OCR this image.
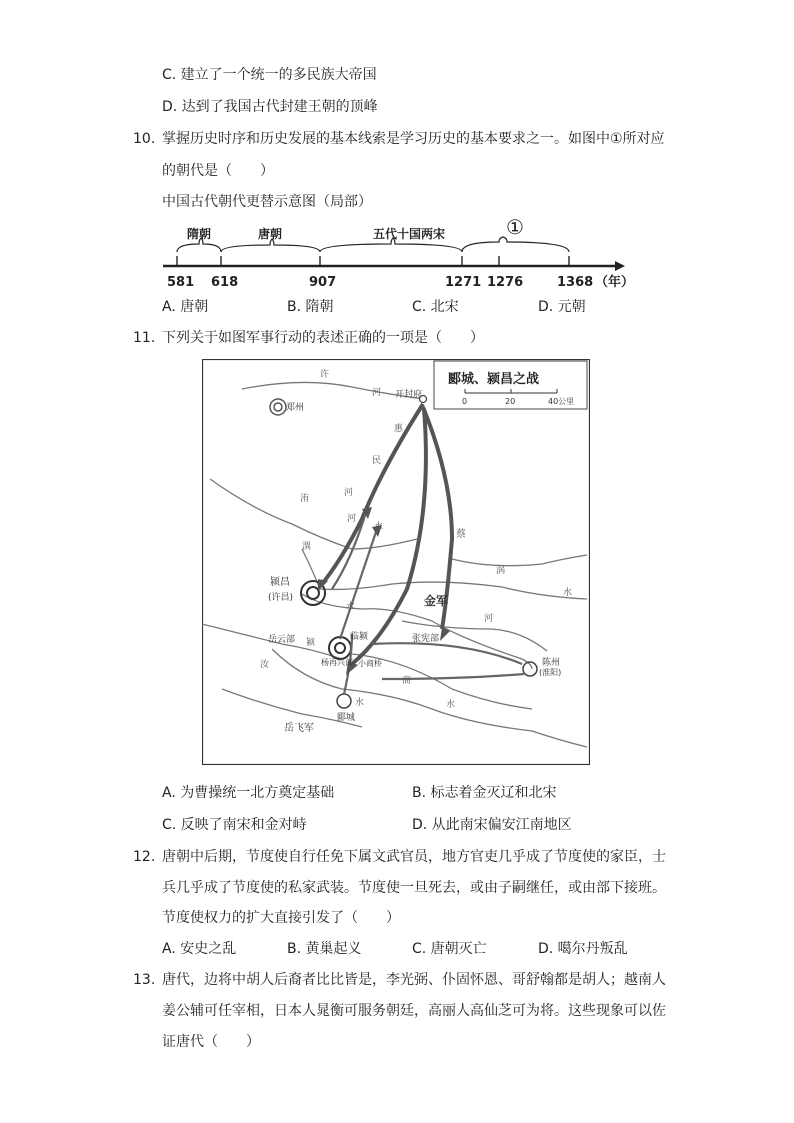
C. 建立了一个统一的多民族大帝国
D. 达到了我国古代封建王朝的顶峰
10. 掌握历史时序和历史发展的基本线索是学习历史的基本要求之一。如图中①所对应
的朝代是（　　）
中国古代朝代更替示意图（局部）
隋朝	唐朝	五代十国两宋	①
581 618	907	1271 1276	1368 （年）
A. 唐朝	B. 隋朝	C. 北宋	D. 元朝
11. 下列关于如图军事行动的表述正确的一项是（　　）
郾城、颍昌之战
0	20	40公里
开封府
郑州
颍昌
(许昌)
临颍
郾城
陈州
(淮阳)
金军
张宪部
岳云部
岳飞军
杨再兴部 小商桥
许
河
惠
民
河
洧
河
水
潩
水
蔡
河
涡
水
颍
水
汝
商
水
A. 为曹操统一北方奠定基础	B. 标志着金灭辽和北宋
C. 反映了南宋和金对峙	D. 从此南宋偏安江南地区
12. 唐朝中后期，节度使自行任免下属文武官员，地方官吏几乎成了节度使的家臣，士
兵几乎成了节度使的私家武装。节度使一旦死去，或由子嗣继任，或由部下接班。
节度使权力的扩大直接引发了（　　）
A. 安史之乱	B. 黄巢起义	C. 唐朝灭亡	D. 噶尔丹叛乱
13. 唐代，边将中胡人后裔者比比皆是，李光弼、仆固怀恩、哥舒翰都是胡人；越南人
姜公辅可任宰相，日本人晁衡可服务朝廷，高丽人高仙芝可为将。这些现象可以佐
证唐代（　　）
